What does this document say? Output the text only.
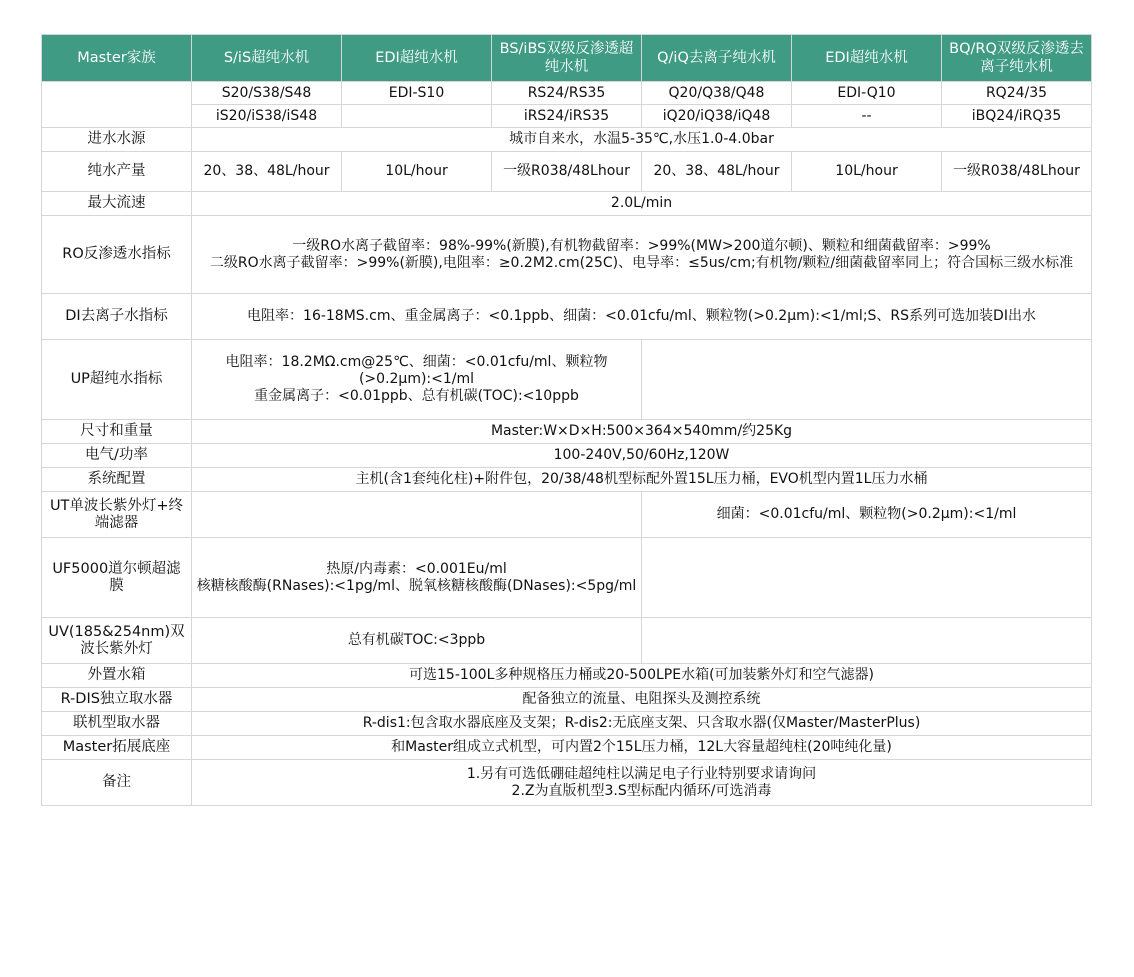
Master家族	S/iS超纯水机	EDI超纯水机	BS/iBS双级反渗透超纯水机	Q/iQ去离子纯水机	EDI超纯水机	BQ/RQ双级反渗透去离子纯水机
	S20/S38/S48	EDI-S10	RS24/RS35	Q20/Q38/Q48	EDI-Q10	RQ24/35
	iS20/iS38/iS48		iRS24/iRS35	iQ20/iQ38/iQ48	--	iBQ24/iRQ35
进水水源	城市自来水，水温5-35℃,水压1.0-4.0bar					
纯水产量	20、38、48L/hour	10L/hour	一级R038/48Lhour	20、38、48L/hour	10L/hour	一级R038/48Lhour
最大流速	2.0L/min					
RO反渗透水指标	一级RO水离子截留率：98%-99%(新膜),有机物截留率：>99%(MW>200道尔顿)、颗粒和细菌截留率：>99%
二级RO水离子截留率：>99%(新膜),电阻率：≥0.2M2.cm(25C)、电导率：≤5us/cm;有机物/颗粒/细菌截留率同上；符合国标三级水标准					

DI去离子水指标	电阻率：16-18MS.cm、重金属离子：<0.1ppb、细菌：<0.01cfu/ml、颗粒物(>0.2μm):<1/ml;S、RS系列可选加装DI出水					
UP超纯水指标	电阻率：18.2MΩ.cm@25℃、细菌：<0.01cfu/ml、颗粒物(>0.2μm):<1/ml
重金属离子：<0.01ppb、总有机碳(TOC):<10ppb					

尺寸和重量	Master:W×D×H:500×364×540mm/约25Kg					
电气/功率	100-240V,50/60Hz,120W					
系统配置	主机(含1套纯化柱)+附件包，20/38/48机型标配外置15L压力桶，EVO机型内置1L压力水桶					
UT单波长紫外灯+终端滤器				细菌：<0.01cfu/ml、颗粒物(>0.2μm):<1/ml		
UF5000道尔顿超滤膜	热原/内毒素：<0.001Eu/ml
核糖核酸酶(RNases):<1pg/ml、脱氧核糖核酸酶(DNases):<5pg/ml					

UV(185&254nm)双波长紫外灯	总有机碳TOC:<3ppb					
外置水箱	可选15-100L多种规格压力桶或20-500LPE水箱(可加装紫外灯和空气滤器)					
R-DIS独立取水器	配备独立的流量、电阻探头及测控系统					
联机型取水器	R-dis1:包含取水器底座及支架；R-dis2:无底座支架、只含取水器(仅Master/MasterPlus)					
Master拓展底座	和Master组成立式机型，可内置2个15L压力桶，12L大容量超纯柱(20吨纯化量)					
备注	1.另有可选低硼硅超纯柱以满足电子行业特别要求请询问
2.Z为直版机型3.S型标配内循环/可选消毒					
